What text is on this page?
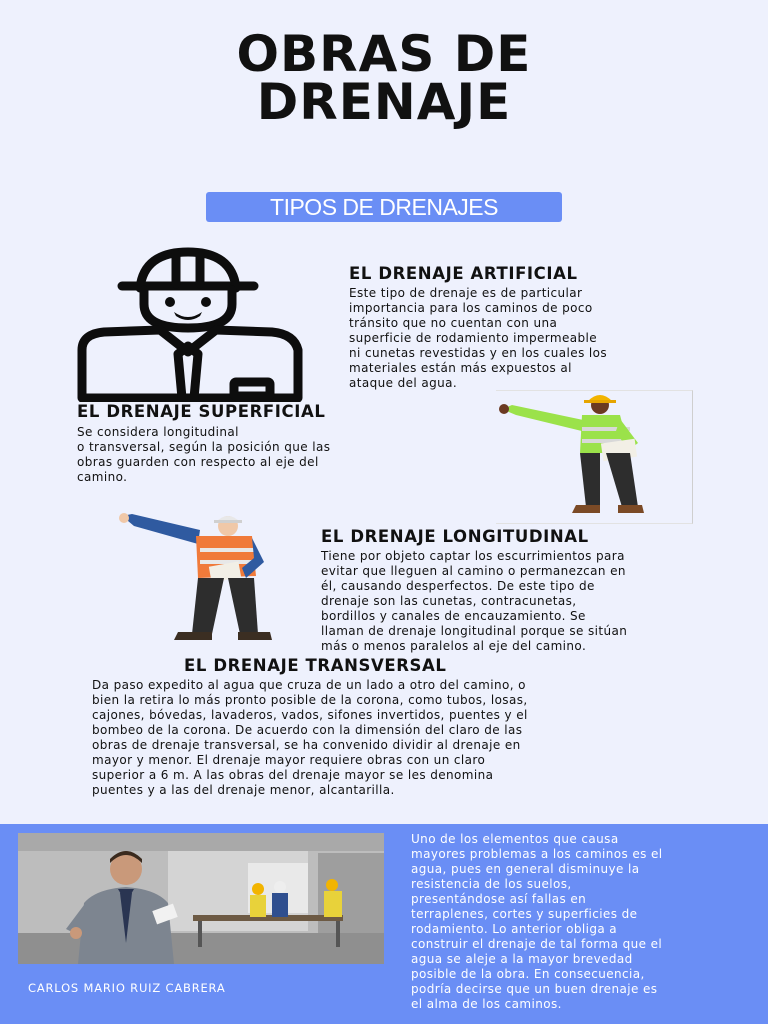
OBRAS DE
DRENAJE
TIPOS DE DRENAJES
EL DRENAJE ARTIFICIAL
Este tipo de drenaje es de particular
importancia para los caminos de poco
tránsito que no cuentan con una
superficie de rodamiento impermeable
ni cunetas revestidas y en los cuales los
materiales están más expuestos al
ataque del agua.
EL DRENAJE SUPERFICIAL
Se considera longitudinal
o transversal, según la posición que las
obras guarden con respecto al eje del
camino.
EL DRENAJE LONGITUDINAL
Tiene por objeto captar los escurrimientos para
evitar que lleguen al camino o permanezcan en
él, causando desperfectos. De este tipo de
drenaje son las cunetas, contracunetas,
bordillos y canales de encauzamiento. Se
llaman de drenaje longitudinal porque se sitúan
más o menos paralelos al eje del camino.
EL DRENAJE TRANSVERSAL
Da paso expedito al agua que cruza de un lado a otro del camino, o
bien la retira lo más pronto posible de la corona, como tubos, losas,
cajones, bóvedas, lavaderos, vados, sifones invertidos, puentes y el
bombeo de la corona. De acuerdo con la dimensión del claro de las
obras de drenaje transversal, se ha convenido dividir al drenaje en
mayor y menor. El drenaje mayor requiere obras con un claro
superior a 6 m. A las obras del drenaje mayor se les denomina
puentes y a las del drenaje menor, alcantarilla.
CARLOS MARIO RUIZ CABRERA
Uno de los elementos que causa
mayores problemas a los caminos es el
agua, pues en general disminuye la
resistencia de los suelos,
presentándose así fallas en
terraplenes, cortes y superficies de
rodamiento. Lo anterior obliga a
construir el drenaje de tal forma que el
agua se aleje a la mayor brevedad
posible de la obra. En consecuencia,
podría decirse que un buen drenaje es
el alma de los caminos.
